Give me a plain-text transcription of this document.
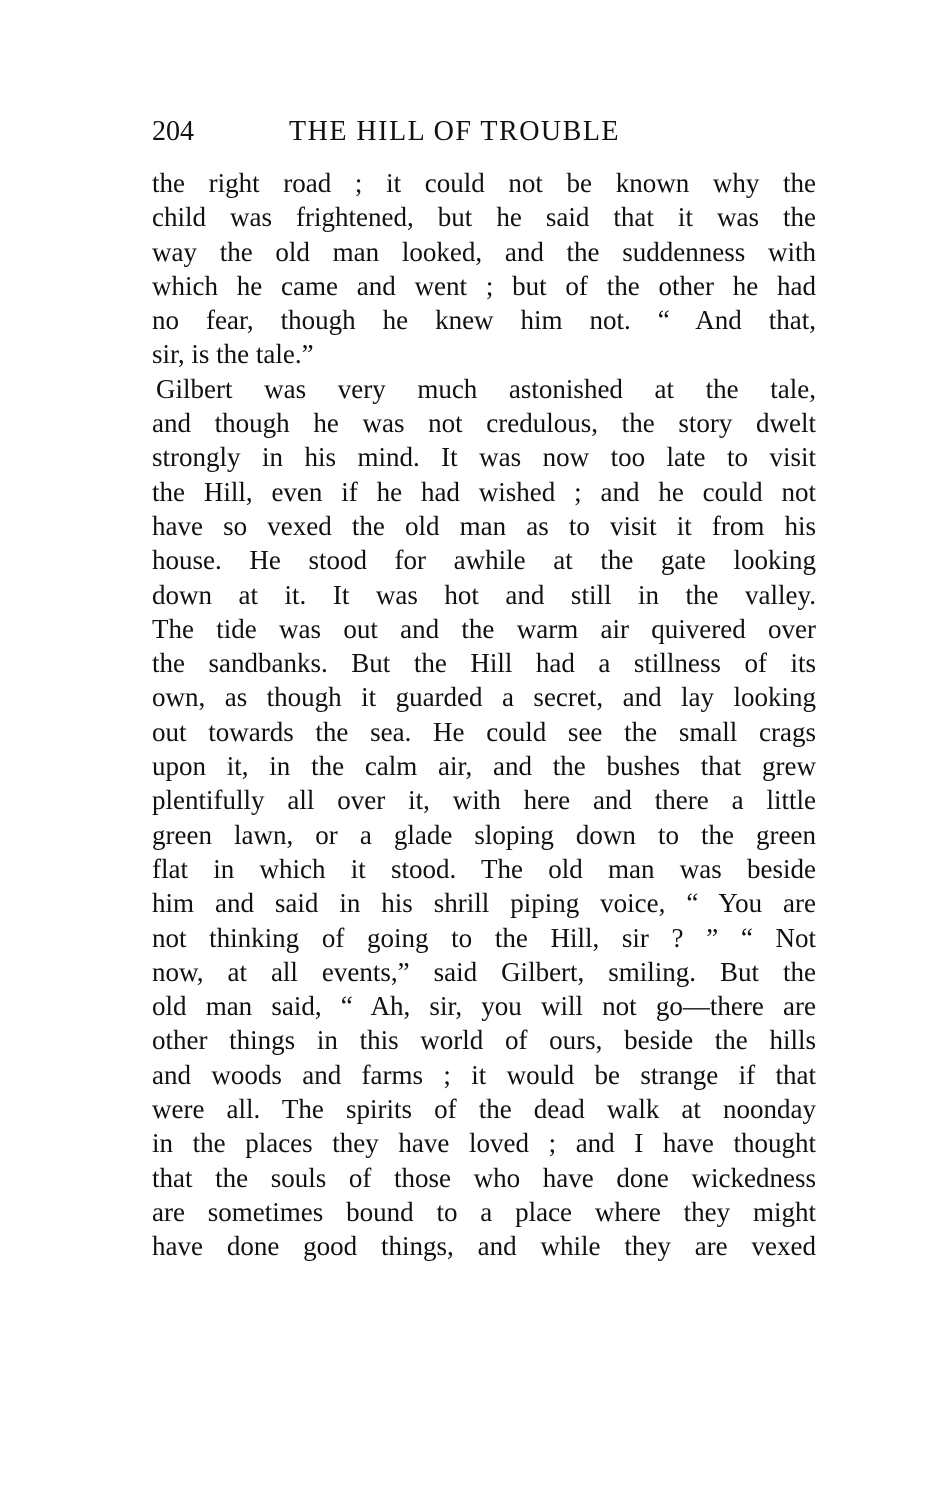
204	THE HILL OF TROUBLE

the right road ; it could not be known why the
child was frightened, but he said that it was the
way the old man looked, and the suddenness with
which he came and went ; but of the other he had
no fear, though he knew him not. “ And that,
sir, is the tale.”

Gilbert was very much astonished at the tale,
and though he was not credulous, the story dwelt
strongly in his mind. It was now too late to visit
the Hill, even if he had wished ; and he could not
have so vexed the old man as to visit it from his
house. He stood for awhile at the gate looking
down at it. It was hot and still in the valley.
The tide was out and the warm air quivered over
the sandbanks. But the Hill had a stillness of its
own, as though it guarded a secret, and lay looking
out towards the sea. He could see the small crags
upon it, in the calm air, and the bushes that grew
plentifully all over it, with here and there a little
green lawn, or a glade sloping down to the green
flat in which it stood. The old man was beside
him and said in his shrill piping voice, “ You are
not thinking of going to the Hill, sir ? ” “ Not
now, at all events,” said Gilbert, smiling. But the
old man said, “ Ah, sir, you will not go—there are
other things in this world of ours, beside the hills
and woods and farms ; it would be strange if that
were all. The spirits of the dead walk at noonday
in the places they have loved ; and I have thought
that the souls of those who have done wickedness
are sometimes bound to a place where they might
have done good things, and while they are vexed
